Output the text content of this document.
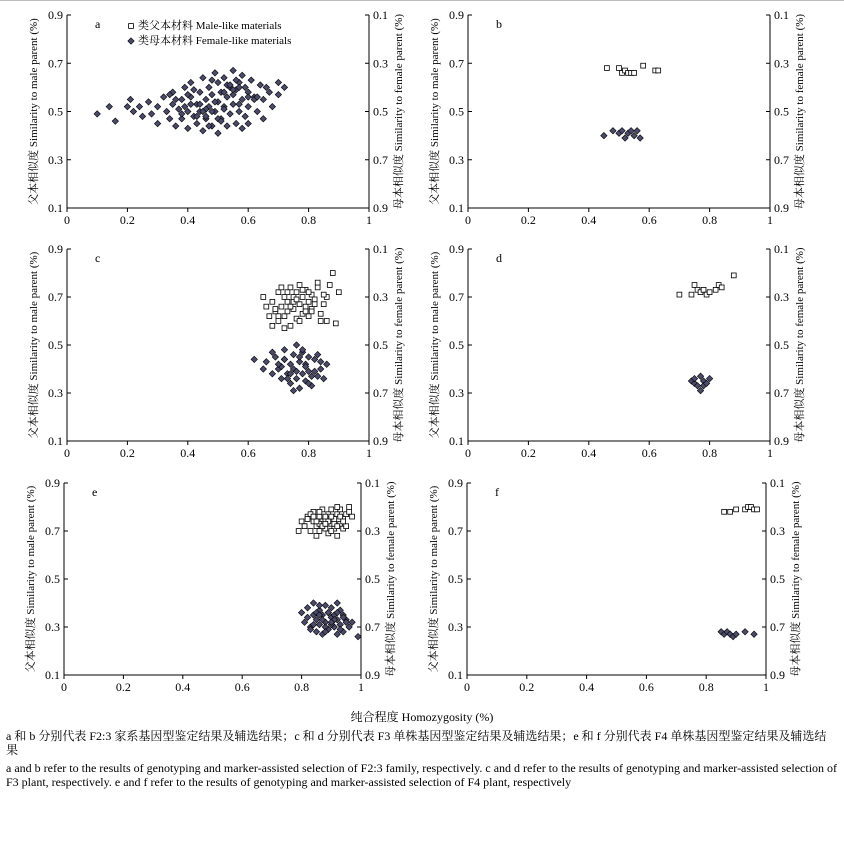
0	0.2	0.4	0.6	0.8	1
0.1
0.3
0.5
0.7
0.9
0.9
0.7
0.5
0.3
0.1
父本相似度 Similarity to male parent (%)	母本相似度 Similarity to female parent (%)
a	类父本材料 Male-like materials
类母本材料 Female-like materials
0	0.2	0.4	0.6	0.8	1
0.1
0.3
0.5
0.7
0.9
0.9
0.7
0.5
0.3
0.1
父本相似度 Similarity to male parent (%)	母本相似度 Similarity to female parent (%)
b
0	0.2	0.4	0.6	0.8	1
0.1
0.3
0.5
0.7
0.9
0.9
0.7
0.5
0.3
0.1
父本相似度 Similarity to male parent (%)	母本相似度 Similarity to female parent (%)
c
0	0.2	0.4	0.6	0.8	1
0.1
0.3
0.5
0.7
0.9
0.9
0.7
0.5
0.3
0.1
父本相似度 Similarity to male parent (%)	母本相似度 Similarity to female parent (%)
d
0	0.2	0.4	0.6	0.8	1
0.1
0.3
0.5
0.7
0.9
0.9
0.7
0.5
0.3
0.1
父本相似度 Similarity to male parent (%)	母本相似度 Similarity to female parent (%)
e
0	0.2	0.4	0.6	0.8	1
0.1
0.3
0.5
0.7
0.9
0.9
0.7
0.5
0.3
0.1
父本相似度 Similarity to male parent (%)	母本相似度 Similarity to female parent (%)
f
纯合程度 Homozygosity (%)
a 和 b 分别代表 F2:3 家系基因型鉴定结果及辅选结果；c 和 d 分别代表 F3 单株基因型鉴定结果及辅选结果；e 和 f 分别代表 F4 单株基因型鉴定结果及辅选结果
a and b refer to the results of genotyping and marker-assisted selection of F2:3 family, respectively. c and d refer to the results of genotyping and marker-assisted selection of F3 plant, respectively. e and f refer to the results of genotyping and marker-assisted selection of F4 plant, respectively
